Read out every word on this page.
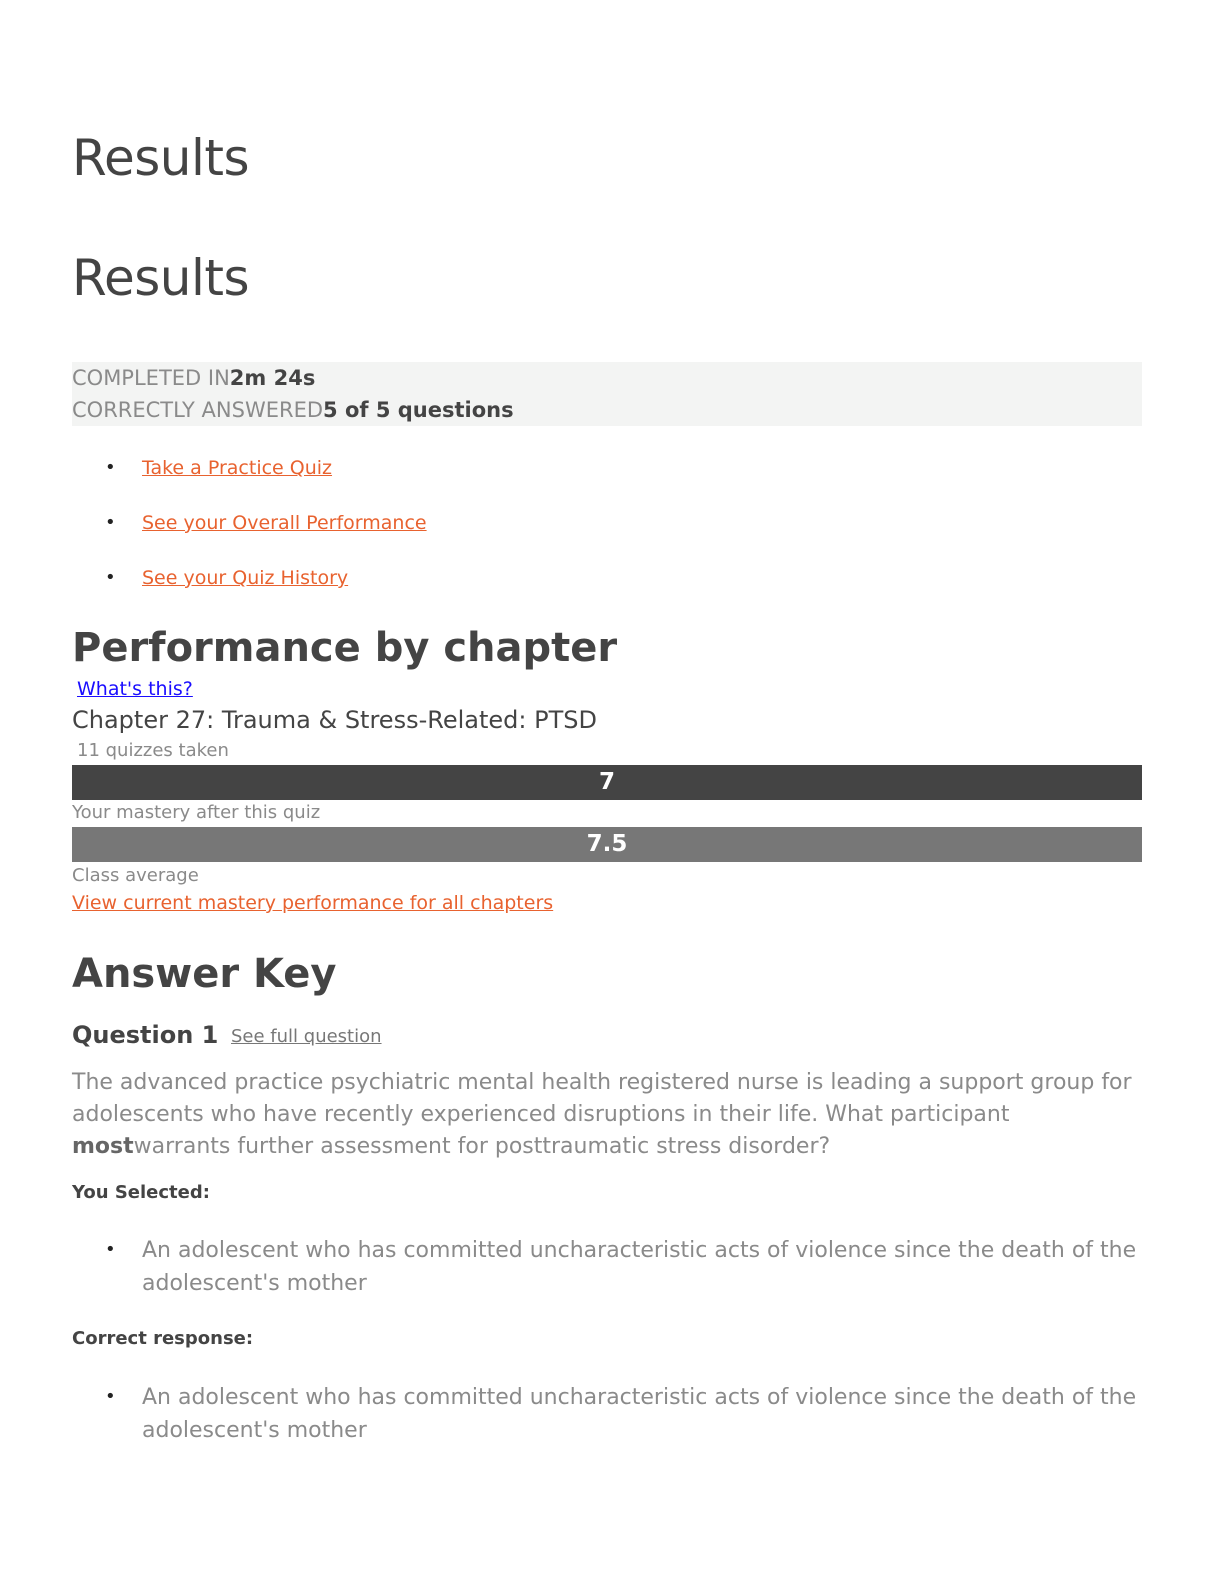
Results
Results
COMPLETED IN2m 24s
CORRECTLY ANSWERED5 of 5 questions
• Take a Practice Quiz
• See your Overall Performance
• See your Quiz History
Performance by chapter
What's this?
Chapter 27: Trauma & Stress-Related: PTSD
11 quizzes taken
7
Your mastery after this quiz
7.5
Class average
View current mastery performance for all chapters
Answer Key
Question 1 See full question
The advanced practice psychiatric mental health registered nurse is leading a support group for adolescents who have recently experienced disruptions in their life. What participant mostwarrants further assessment for posttraumatic stress disorder?
You Selected:
• An adolescent who has committed uncharacteristic acts of violence since the death of the adolescent's mother
Correct response:
• An adolescent who has committed uncharacteristic acts of violence since the death of the adolescent's mother
